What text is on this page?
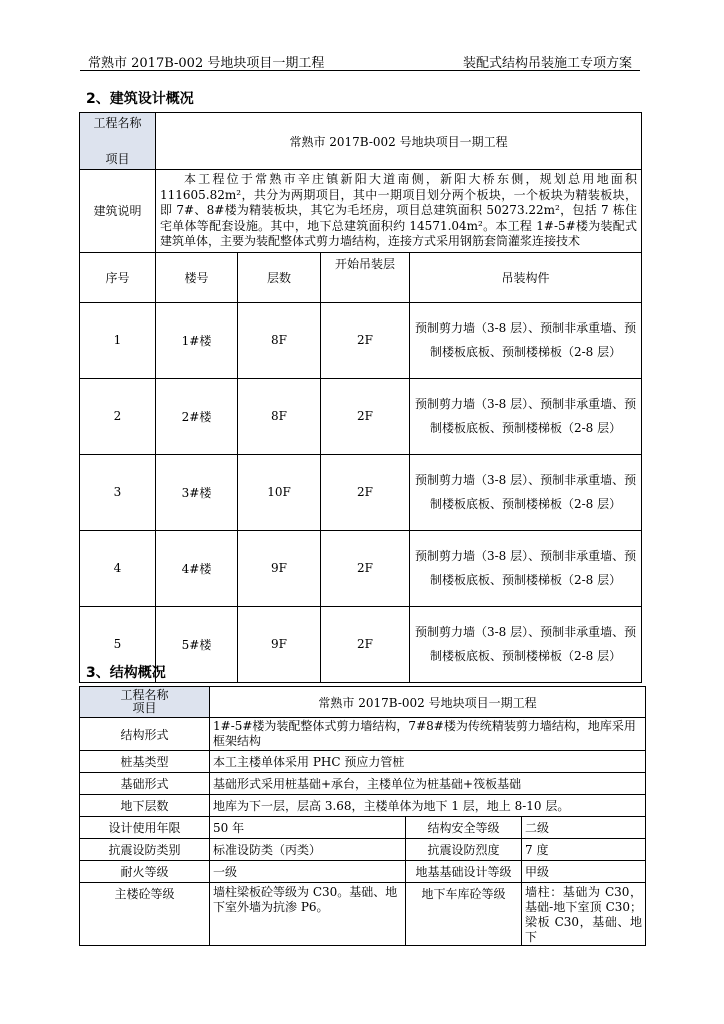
常熟市 2017B-002 号地块项目一期工程	装配式结构吊装施工专项方案
2、建筑设计概况
工程名称
项目	常熟市 2017B-002 号地块项目一期工程			
建筑说明	本工程位于常熟市辛庄镇新阳大道南侧，新阳大桥东侧，规划总用地面积 111605.82m²，共分为两期项目，其中一期项目划分两个板块，一个板块为精装板块，即 7#、8#楼为精装板块，其它为毛坯房，项目总建筑面积 50273.22m²，包括 7 栋住宅单体等配套设施。其中，地下总建筑面积约 14571.04m²。本工程 1#-5#楼为装配式建筑单体，主要为装配整体式剪力墙结构，连接方式采用钢筋套筒灌浆连接技术			
序号	楼号	层数	开始吊装层	吊装构件
1	1#楼	8F	2F	预制剪力墙（3-8 层）、预制非承重墙、预制楼板底板、预制楼梯板（2-8 层）
2	2#楼	8F	2F	预制剪力墙（3-8 层）、预制非承重墙、预制楼板底板、预制楼梯板（2-8 层）
3	3#楼	10F	2F	预制剪力墙（3-8 层）、预制非承重墙、预制楼板底板、预制楼梯板（2-8 层）
4	4#楼	9F	2F	预制剪力墙（3-8 层）、预制非承重墙、预制楼板底板、预制楼梯板（2-8 层）
5	5#楼	9F	2F	预制剪力墙（3-8 层）、预制非承重墙、预制楼板底板、预制楼梯板（2-8 层）
3、结构概况
工程名称
项目	常熟市 2017B-002 号地块项目一期工程		
结构形式	1#-5#楼为装配整体式剪力墙结构，7#8#楼为传统精装剪力墙结构，地库采用框架结构		
桩基类型	本工主楼单体采用 PHC 预应力管桩		
基础形式	基础形式采用桩基础+承台，主楼单位为桩基础+筏板基础		
地下层数	地库为下一层，层高 3.68，主楼单体为地下 1 层，地上 8-10 层。		
设计使用年限	50 年	结构安全等级	二级
抗震设防类别	标准设防类（丙类）	抗震设防烈度	7 度
耐火等级	一级	地基基础设计等级	甲级
主楼砼等级	墙柱梁板砼等级为 C30。基础、地下室外墙为抗渗 P6。	地下车库砼等级	墙柱：基础为 C30，基础-地下室顶 C30；梁板 C30，基础、地下
